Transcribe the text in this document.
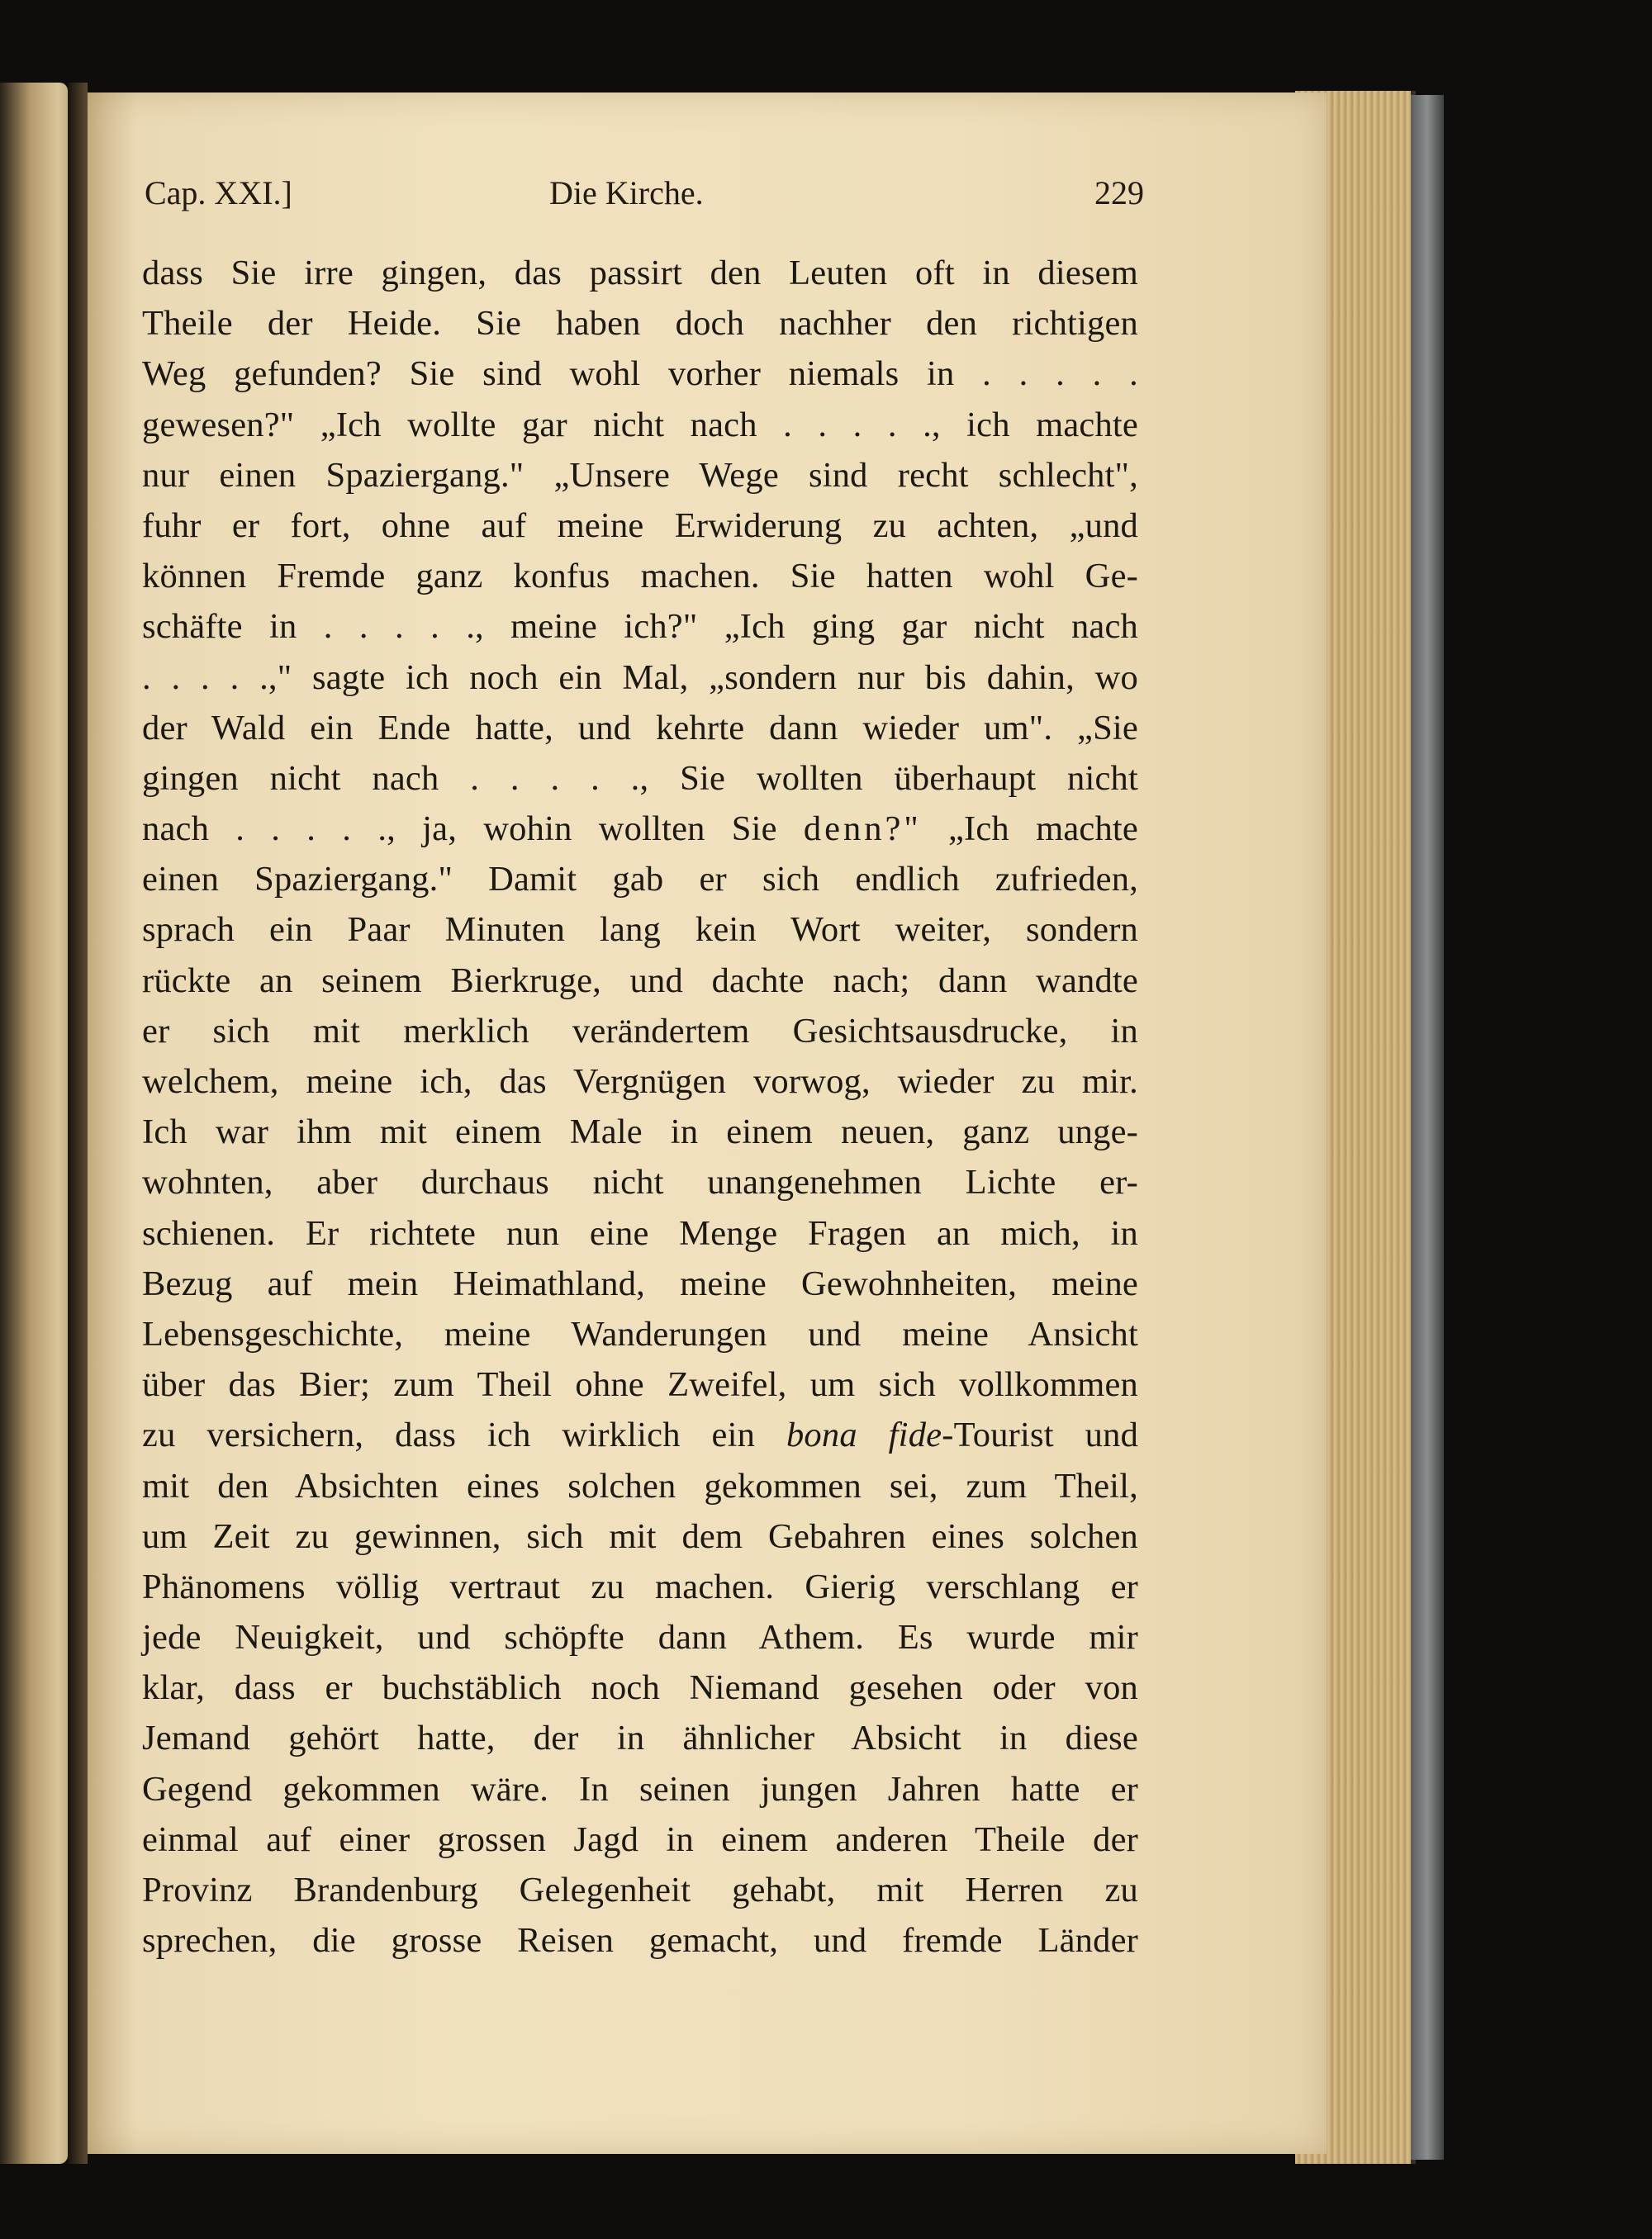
Cap. XXI.]	Die Kirche.	229
dass Sie irre gingen, das passirt den Leuten oft in diesem
Theile der Heide. Sie haben doch nachher den richtigen
Weg gefunden? Sie sind wohl vorher niemals in . . . . .
gewesen?" „Ich wollte gar nicht nach . . . . ., ich machte
nur einen Spaziergang." „Unsere Wege sind recht schlecht",
fuhr er fort, ohne auf meine Erwiderung zu achten, „und
können Fremde ganz konfus machen. Sie hatten wohl Ge-
schäfte in . . . . ., meine ich?" „Ich ging gar nicht nach
. . . . .," sagte ich noch ein Mal, „sondern nur bis dahin, wo
der Wald ein Ende hatte, und kehrte dann wieder um". „Sie
gingen nicht nach . . . . ., Sie wollten überhaupt nicht
nach . . . . ., ja, wohin wollten Sie denn?" „Ich machte
einen Spaziergang." Damit gab er sich endlich zufrieden,
sprach ein Paar Minuten lang kein Wort weiter, sondern
rückte an seinem Bierkruge, und dachte nach; dann wandte
er sich mit merklich verändertem Gesichtsausdrucke, in
welchem, meine ich, das Vergnügen vorwog, wieder zu mir.
Ich war ihm mit einem Male in einem neuen, ganz unge-
wohnten, aber durchaus nicht unangenehmen Lichte er-
schienen. Er richtete nun eine Menge Fragen an mich, in
Bezug auf mein Heimathland, meine Gewohnheiten, meine
Lebensgeschichte, meine Wanderungen und meine Ansicht
über das Bier; zum Theil ohne Zweifel, um sich vollkommen
zu versichern, dass ich wirklich ein bona fide-Tourist und
mit den Absichten eines solchen gekommen sei, zum Theil,
um Zeit zu gewinnen, sich mit dem Gebahren eines solchen
Phänomens völlig vertraut zu machen. Gierig verschlang er
jede Neuigkeit, und schöpfte dann Athem. Es wurde mir
klar, dass er buchstäblich noch Niemand gesehen oder von
Jemand gehört hatte, der in ähnlicher Absicht in diese
Gegend gekommen wäre. In seinen jungen Jahren hatte er
einmal auf einer grossen Jagd in einem anderen Theile der
Provinz Brandenburg Gelegenheit gehabt, mit Herren zu
sprechen, die grosse Reisen gemacht, und fremde Länder
